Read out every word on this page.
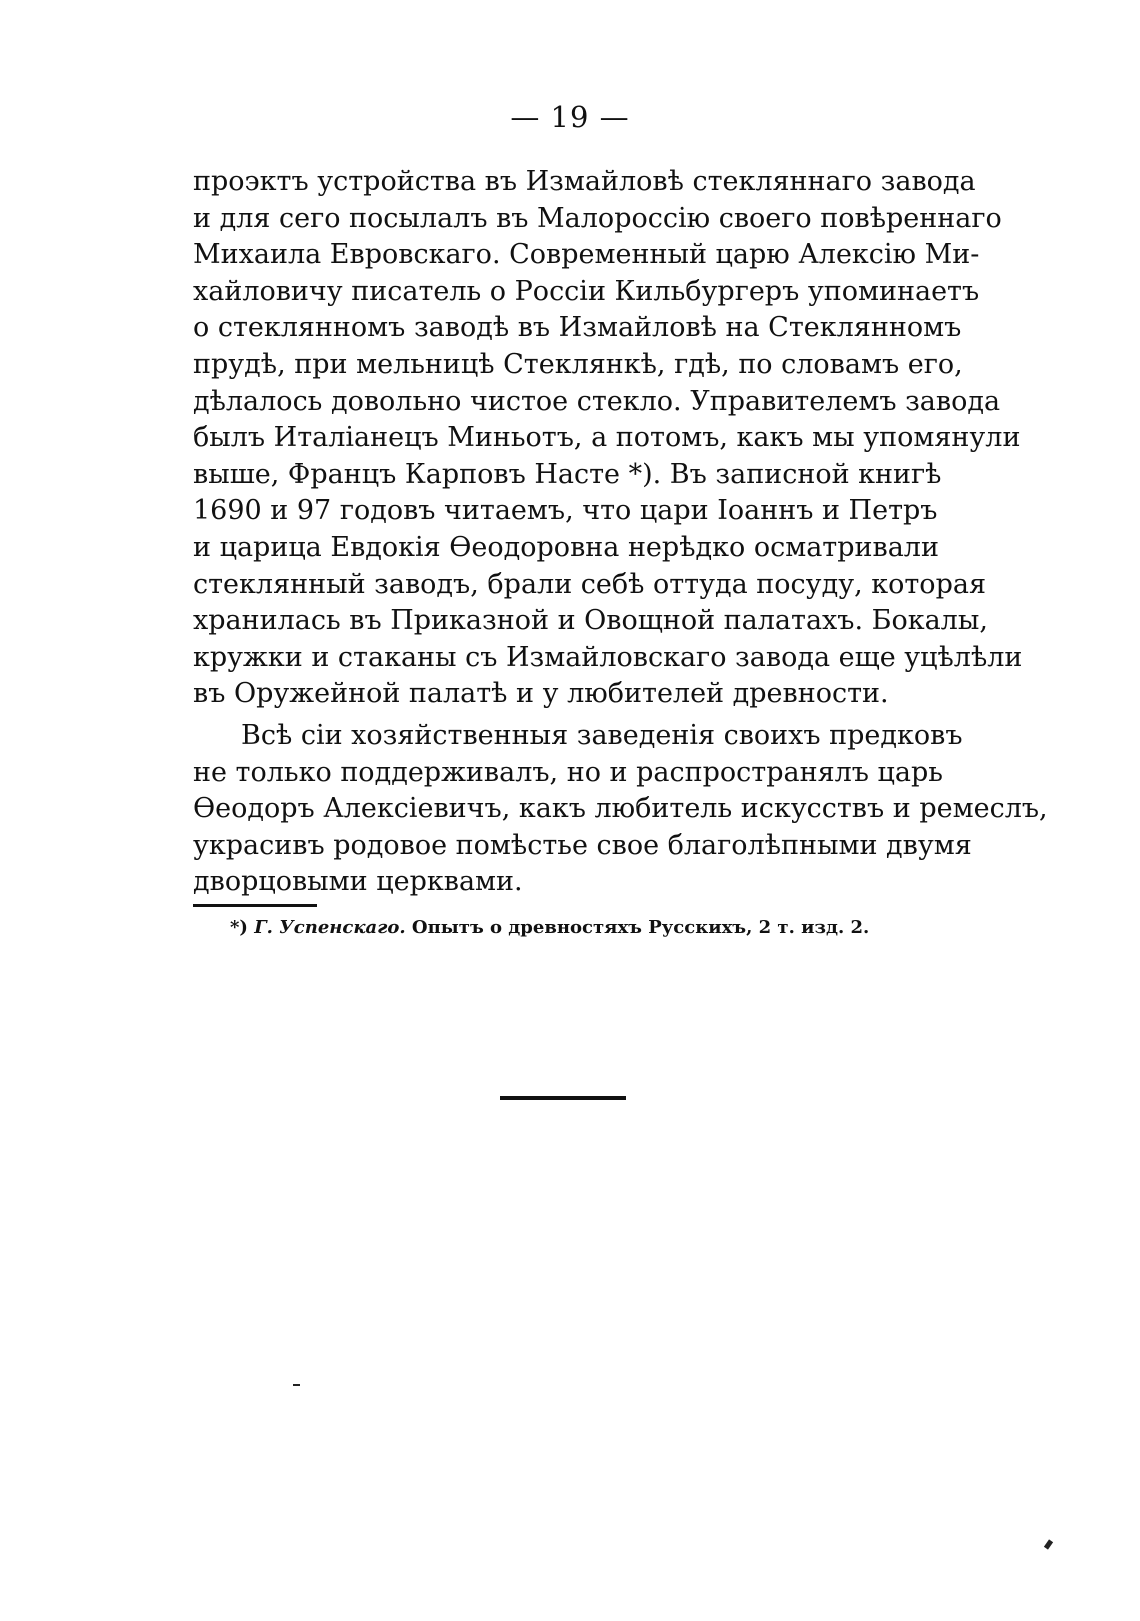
— 19 —
проэктъ устройства въ Измайловѣ стекляннаго завода
и для сего посылалъ въ Малороссію своего повѣреннаго
Михаила Евровскаго. Современный царю Алексію Ми-
хайловичу писатель о Россіи Кильбургеръ упоминаетъ
о стеклянномъ заводѣ въ Измайловѣ на Стеклянномъ
прудѣ, при мельницѣ Стеклянкѣ, гдѣ, по словамъ его,
дѣлалось довольно чистое стекло. Управителемъ завода
былъ Италіанецъ Миньотъ, а потомъ, какъ мы упомянули
выше, Францъ Карповъ Насте *). Въ записной книгѣ
1690 и 97 годовъ читаемъ, что цари Іоаннъ и Петръ
и царица Евдокія Ѳеодоровна нерѣдко осматривали
стеклянный заводъ, брали себѣ оттуда посуду, которая
хранилась въ Приказной и Овощной палатахъ. Бокалы,
кружки и стаканы съ Измайловскаго завода еще уцѣлѣли
въ Оружейной палатѣ и у любителей древности.
Всѣ сіи хозяйственныя заведенія своихъ предковъ
не только поддерживалъ, но и распространялъ царь
Ѳеодоръ Алексіевичъ, какъ любитель искусствъ и ремеслъ,
украсивъ родовое помѣстье свое благолѣпными двумя
дворцовыми церквами.
*) Г. Успенскаго. Опытъ о древностяхъ Русскихъ, 2 т. изд. 2.
